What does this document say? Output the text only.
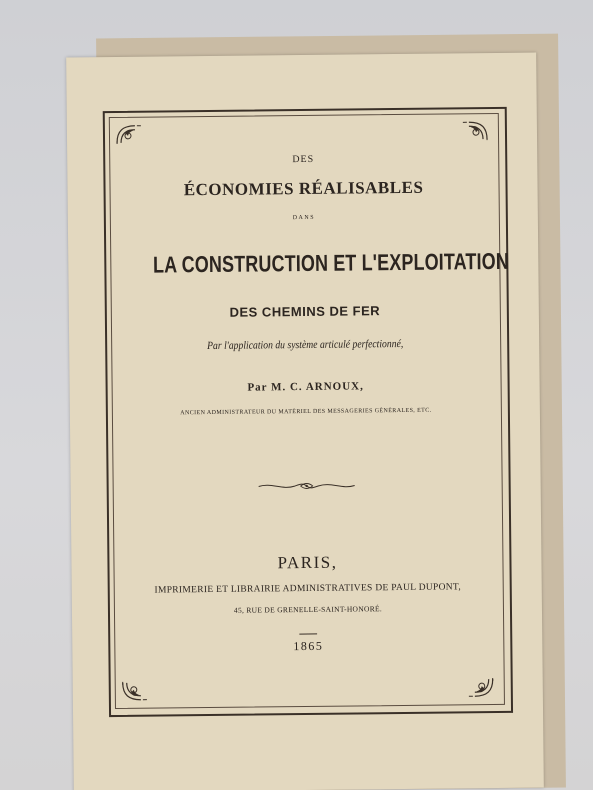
DES
ÉCONOMIES RÉALISABLES
DANS
LA CONSTRUCTION ET L'EXPLOITATION
DES CHEMINS DE FER
Par l'application du système articulé perfectionné,
Par M. C. ARNOUX,
ANCIEN ADMINISTRATEUR DU MATÉRIEL DES MESSAGERIES GÉNÉRALES, ETC.
PARIS,
IMPRIMERIE ET LIBRAIRIE ADMINISTRATIVES DE PAUL DUPONT,
45, RUE DE GRENELLE-SAINT-HONORÉ.
1865
